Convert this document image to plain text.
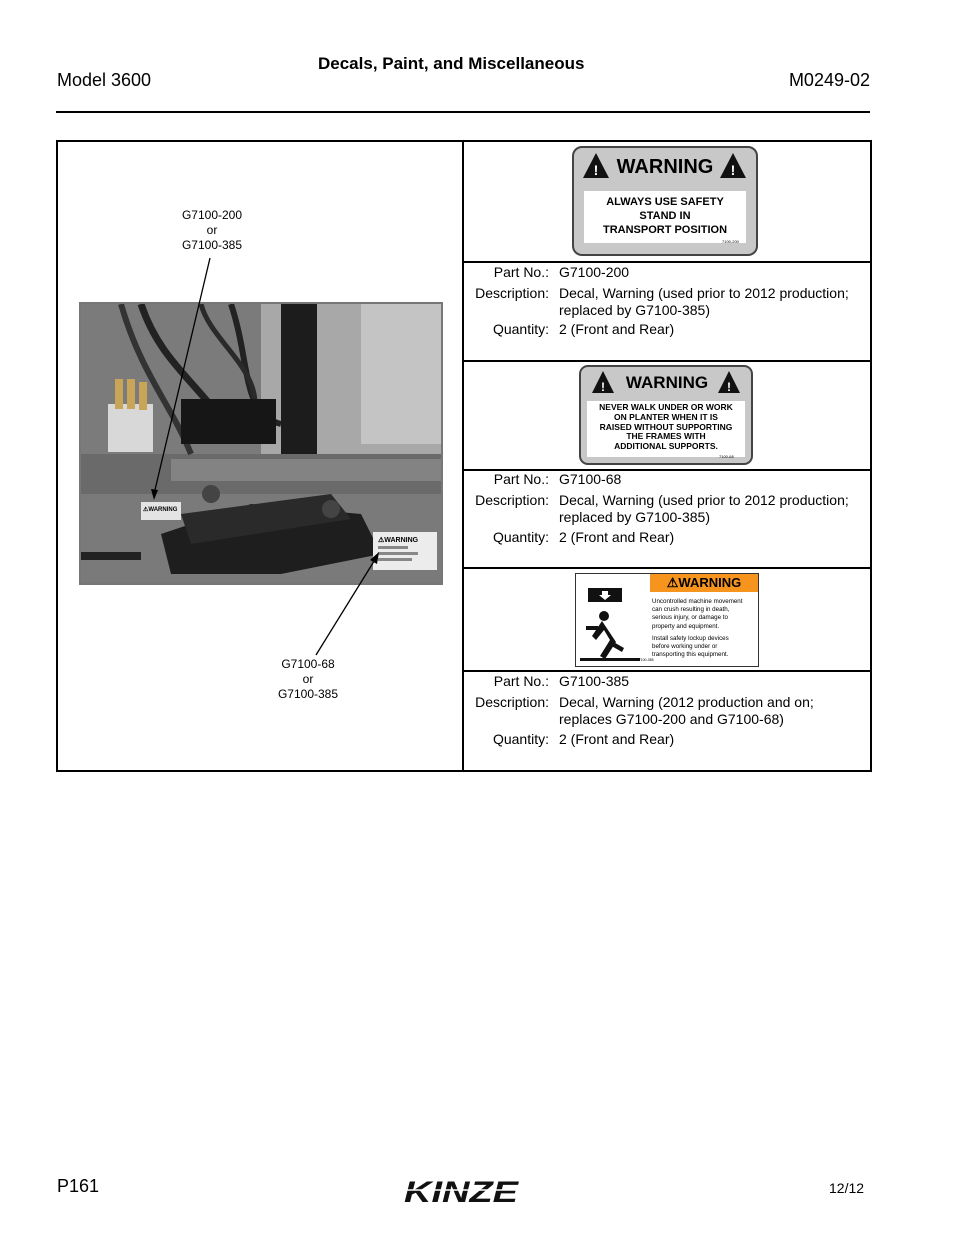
Decals, Paint, and Miscellaneous
Model 3600	M0249-02
G7100-200
or
G7100-385
⚠WARNING
⚠WARNING
G7100-68
or
G7100-385
!	!
WARNING
ALWAYS USE SAFETY
STAND IN
TRANSPORT POSITION
7100-200
Part No.: G7100-200
Description: Decal, Warning (used prior to 2012 production;
replaced by G7100-385)
Quantity: 2 (Front and Rear)
!	!
WARNING
NEVER WALK UNDER OR WORK
ON PLANTER WHEN IT IS
RAISED WITHOUT SUPPORTING
THE FRAMES WITH
ADDITIONAL SUPPORTS.
7100-68
Part No.: G7100-68
Description: Decal, Warning (used prior to 2012 production;
replaced by G7100-385)
Quantity: 2 (Front and Rear)
⚠WARNING
Uncontrolled machine movement
can crush resulting in death,
serious injury, or damage to
property and equipment.
Install safety lockup devices
before working under or
transporting this equipment.
G7100-385
Part No.: G7100-385
Description: Decal, Warning (2012 production and on;
replaces G7100-200 and G7100-68)
Quantity: 2 (Front and Rear)
P161	KINZE	12/12
